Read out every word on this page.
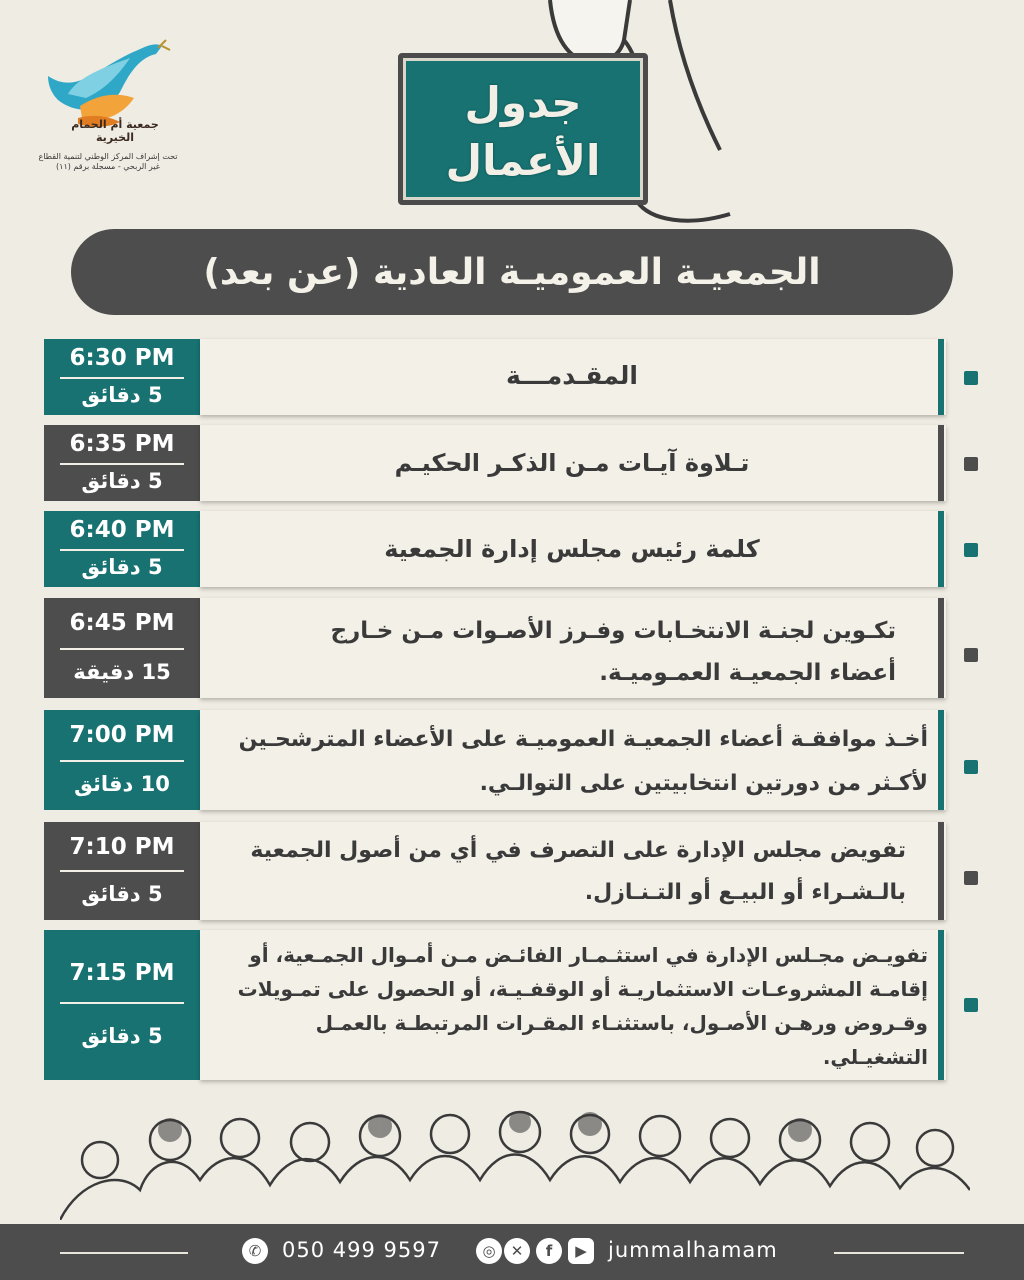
جمعية أم الحمام الخيرية
تحت إشراف المركز الوطني لتنمية القطاع غير الربحي - مسجلة برقم (١١)
جدول
الأعمال
الجمعيـة العموميـة العادية (عن بعد)
6:30 PM
5 دقائق
المقـدمـــة
6:35 PM
5 دقائق
تـلاوة آيـات مـن الذكـر الحكيـم
6:40 PM
5 دقائق
كلمة رئيس مجلس إدارة الجمعية
6:45 PM
15 دقيقة
تكـوين لجنـة الانتخـابات وفـرز الأصـوات مـن خـارج أعضاء الجمعيـة العمـوميـة.
7:00 PM
10 دقائق
أخـذ موافقـة أعضاء الجمعيـة العموميـة على الأعضاء المترشحـين لأكـثر من دورتين انتخابيتين على التوالـي.
7:10 PM
5 دقائق
تفويض مجلس الإدارة على التصرف في أي من أصول الجمعية بالـشـراء أو البيـع أو التـنـازل.
7:15 PM
5 دقائق
تفويـض مجـلس الإدارة في استثـمـار الفائـض مـن أمـوال الجمـعية، أو إقامـة المشروعـات الاستثماريـة أو الوقفـيـة، أو الحصول على تمـويلات وقـروض ورهـن الأصـول، باستثنـاء المقـرات المرتبطـة بالعمـل التشغيـلي.
✆ 050 499 9597	◎	✕	f	▶	jummalhamam
